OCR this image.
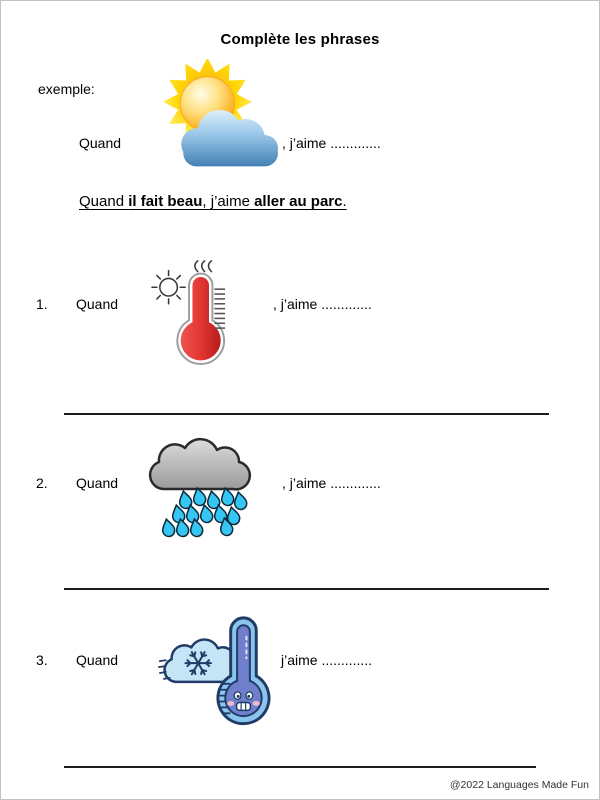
Complète les phrases
exemple:
Quand	, j’aime .............
Quand il fait beau, j’aime aller au parc.
1. Quand	, j’aime .............
2. Quand	, j’aime .............
3. Quand	j’aime .............
@2022 Languages Made Fun
